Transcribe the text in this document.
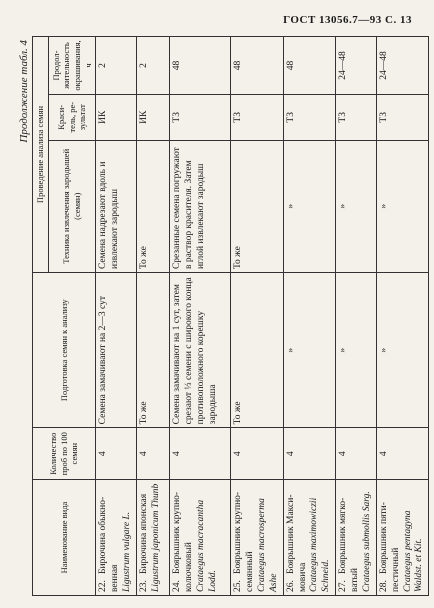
ГОСТ 13056.7—93 С. 13
Продолжение табл. 4
Наименование вида	Количество проб по 100 семян	Подготовка семян к анализу	Проведение анализа семян		
			Техника извлечения зародышей (семян)	Краситель, результат	Продолжительность окрашивания, ч
22.Бирючина обыкновенная Ligustrum vulgare L.	4	Семена замачивают на 2—3 сут	Семена надрезают вдоль и извлекают зародыш	ИК	2
23.Бирючина японская Ligustrum japonicum Thunb	4	То же	То же	ИК	2
24.Боярышник крупноколючковый Crataegus macracantha Lodd.	4	Семена замачивают на 1 сут, затем срезают ⅓ семени с широкого конца противоположного корешку зародыша	Срезанные семена погружают в раствор красителя. Затем иглой извлекают зародыш	ТЗ	48
25.Боярышник крупносемянный Crataegus macrosperma Ashe	4	То же	То же	ТЗ	48
26.Боярышник Максимовича Crataegus maximowiczii Schneid.	4	»	»	ТЗ	48
27.Боярышник мягковатый Crataegus submollis Sarg.	4	»	»	ТЗ	24—48
28.Боярышник пятипестичный Crataegus pentagyna Waldst. et Kit.	4	»	»	ТЗ	24—48
